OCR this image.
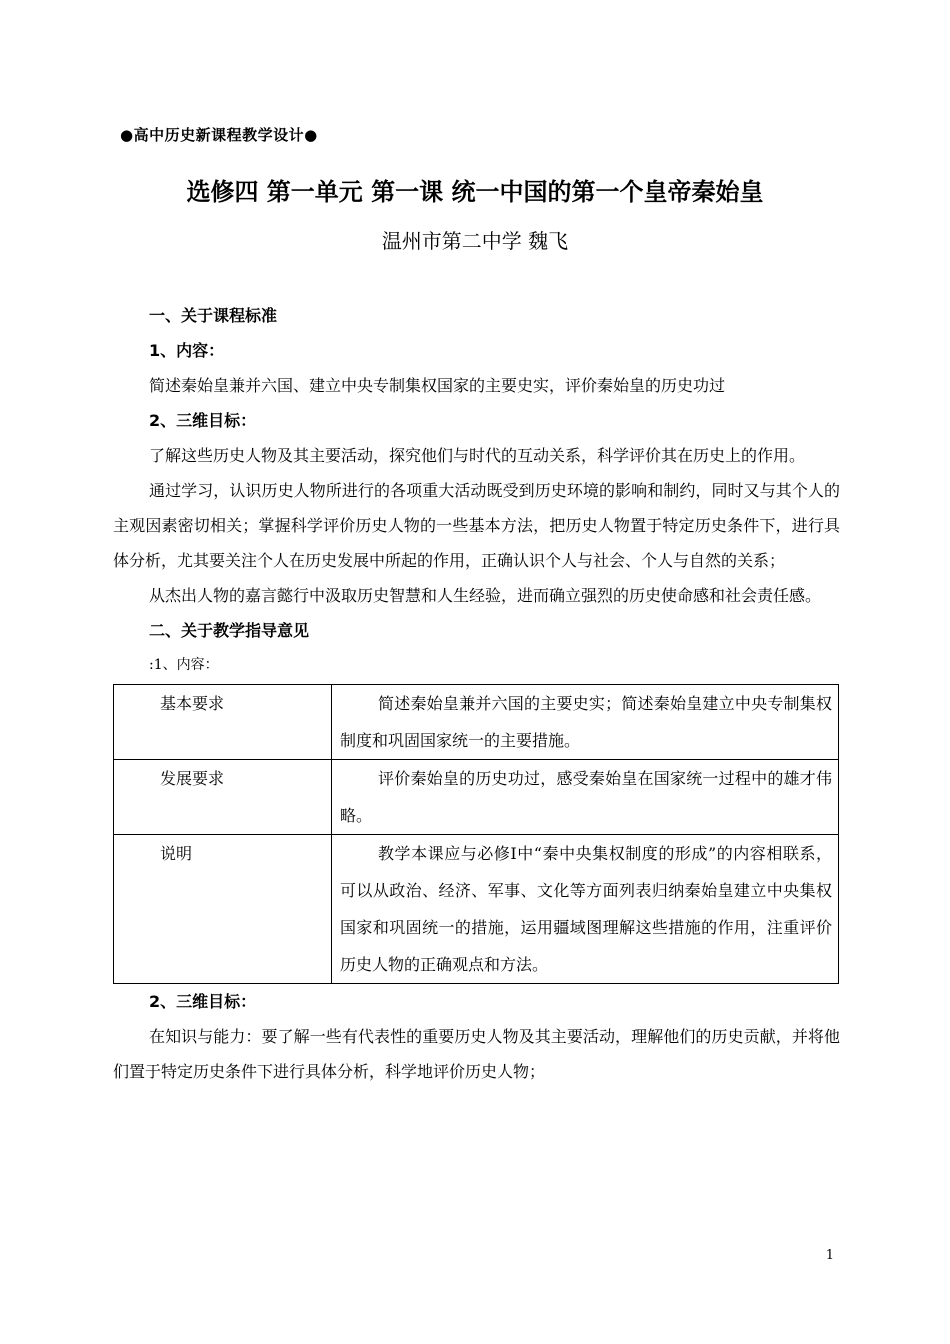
●高中历史新课程教学设计●
选修四 第一单元 第一课 统一中国的第一个皇帝秦始皇
温州市第二中学 魏飞
一、关于课程标准
1、内容：
简述秦始皇兼并六国、建立中央专制集权国家的主要史实，评价秦始皇的历史功过
2、三维目标：
了解这些历史人物及其主要活动，探究他们与时代的互动关系，科学评价其在历史上的作用。
通过学习，认识历史人物所进行的各项重大活动既受到历史环境的影响和制约，同时又与其个人的主观因素密切相关；掌握科学评价历史人物的一些基本方法，把历史人物置于特定历史条件下，进行具体分析，尤其要关注个人在历史发展中所起的作用，正确认识个人与社会、个人与自然的关系；
从杰出人物的嘉言懿行中汲取历史智慧和人生经验，进而确立强烈的历史使命感和社会责任感。
二、关于教学指导意见
:1、内容：
基本要求	简述秦始皇兼并六国的主要史实；简述秦始皇建立中央专制集权制度和巩固国家统一的主要措施。
发展要求	评价秦始皇的历史功过，感受秦始皇在国家统一过程中的雄才伟略。
说明	教学本课应与必修Ⅰ中“秦中央集权制度的形成”的内容相联系，可以从政治、经济、军事、文化等方面列表归纳秦始皇建立中央集权国家和巩固统一的措施，运用疆域图理解这些措施的作用，注重评价历史人物的正确观点和方法。
2、三维目标：
在知识与能力：要了解一些有代表性的重要历史人物及其主要活动，理解他们的历史贡献，并将他们置于特定历史条件下进行具体分析，科学地评价历史人物；
1
